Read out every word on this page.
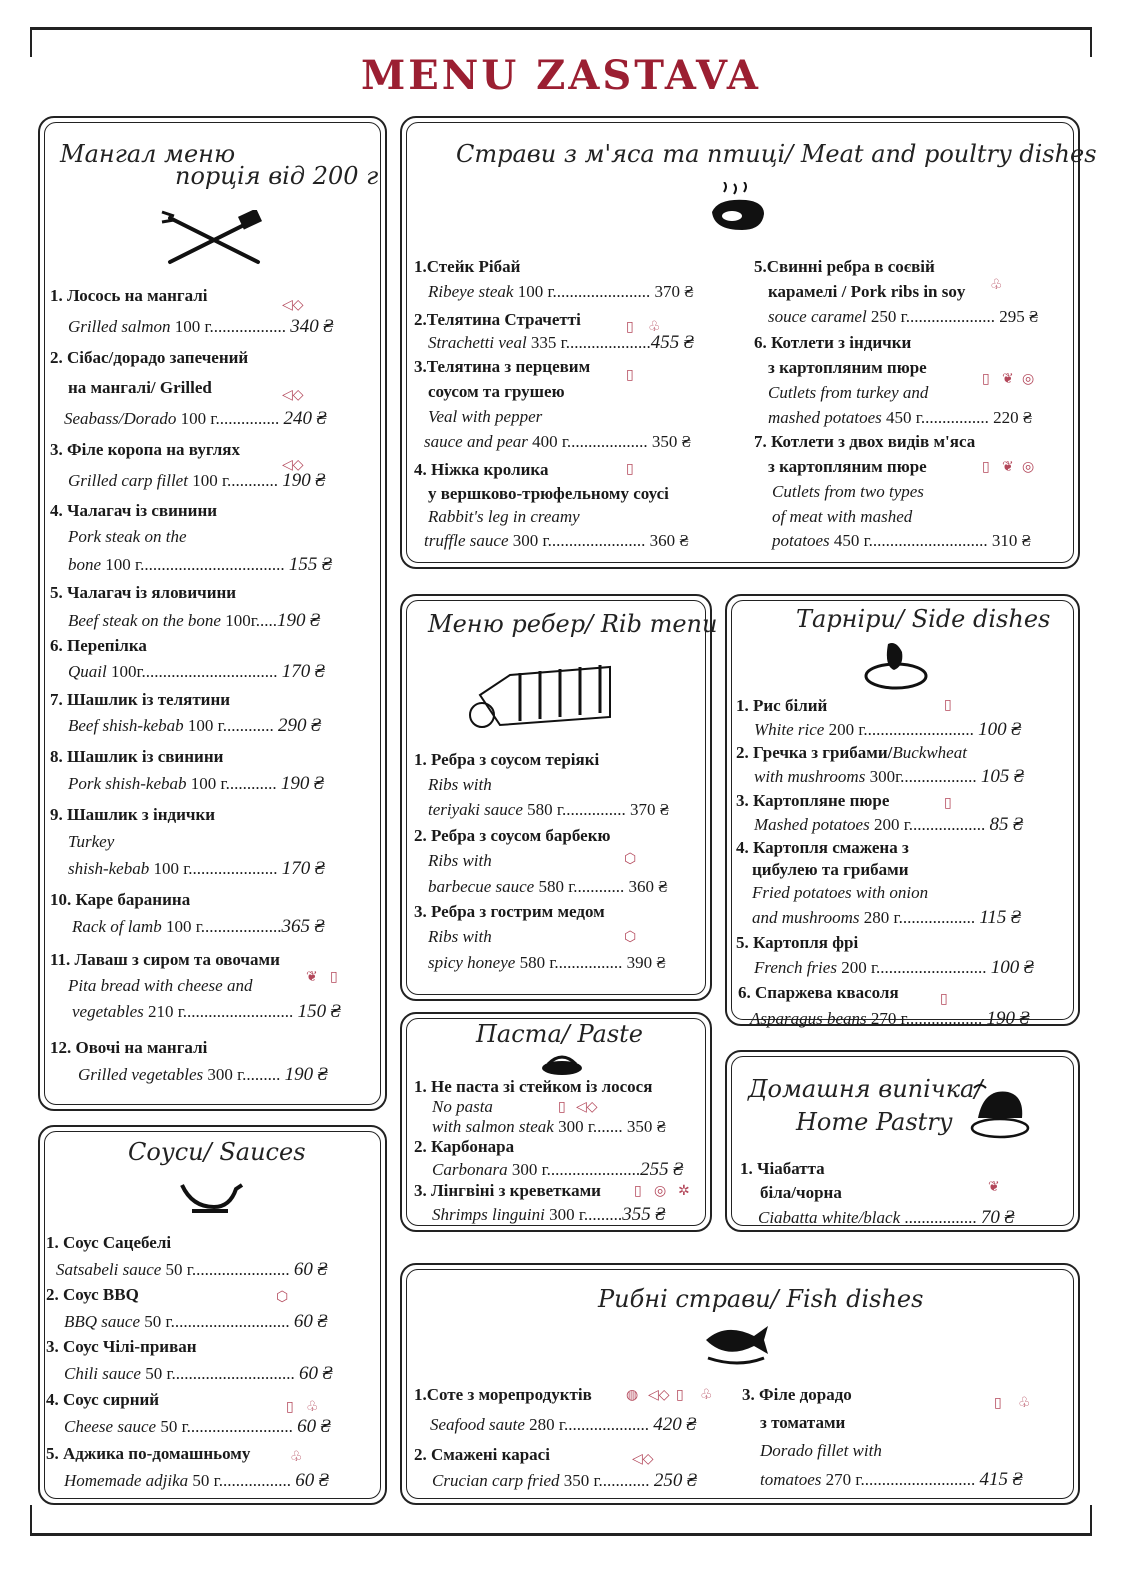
MENU ZASTAVA
Мангал меню
порція від 200 г
1. Лосось на мангалі
Grilled salmon 100 г.................. 340 ₴
2. Сібас/дорадо запечений
на мангалі/ Grilled
Seabass/Dorado 100 г............... 240 ₴
3. Філе коропа на вуглях
Grilled carp fillet 100 г............ 190 ₴
4. Чалагач із свинини
Pork steak on the
bone 100 г.................................. 155 ₴
5. Чалагач із яловичини
Beef steak on the bone 100г.....190 ₴
6. Перепілка
Quail 100г................................ 170 ₴
7. Шашлик із телятини
Beef shish-kebab 100 г............ 290 ₴
8. Шашлик із свинини
Pork shish-kebab 100 г............ 190 ₴
9. Шашлик з індички
Turkey
shish-kebab 100 г..................... 170 ₴
10. Каре баранина
Rack of lamb 100 г...................365 ₴
11. Лаваш з сиром та овочами
Pita bread with cheese and
vegetables 210 г.......................... 150 ₴
12. Овочі на мангалі
Grilled vegetables 300 г......... 190 ₴
Страви з м'яса та птиці/ Meat and poultry dishes
1.Стейк Рібай
Ribeye steak 100 г....................... 370 ₴
2.Телятина Страчетті
Strachetti veal 335 г....................455 ₴
3.Телятина з перцевим
соусом та грушею
Veal with pepper
sauce and pear 400 г................... 350 ₴
4. Ніжка кролика
у вершково-трюфельному соусі
Rabbit's leg in creamy
truffle sauce 300 г....................... 360 ₴
5.Свинні ребра в соєвій
карамелі / Pork ribs in soy
souce caramel 250 г..................... 295 ₴
6. Котлети з індички
з картопляним пюре
Cutlets from turkey and
mashed potatoes 450 г................ 220 ₴
7. Котлети з двох видів м'яса
з картопляним пюре
Cutlets from two types
of meat with mashed
potatoes 450 г............................ 310 ₴
Меню ребер/ Rib menu
1. Ребра з соусом теріякі
Ribs with
teriyaki sauce 580 г............... 370 ₴
2. Ребра з соусом барбекю
Ribs with
barbecue sauce 580 г............ 360 ₴
3. Ребра з гострим медом
Ribs with
spicy honeye 580 г................ 390 ₴
Тарніри/ Side dishes
1. Рис білий
White rice 200 г.......................... 100 ₴
2. Гречка з грибами/Buckwheat
with mushrooms 300г.................. 105 ₴
3. Картопляне пюре
Mashed potatoes 200 г.................. 85 ₴
4. Картопля смажена з
цибулею та грибами
Fried potatoes with onion
and mushrooms 280 г.................. 115 ₴
5. Картопля фрі
French fries 200 г.......................... 100 ₴
6. Спаржева квасоля
Asparagus beans 270 г.................. 190 ₴
Паста/ Paste
1. Не паста зі стейком із лосося
No pasta
with salmon steak 300 г....... 350 ₴
2. Карбонара
Carbonara 300 г......................255 ₴
3. Лінгвіні з креветками
Shrimps linguini 300 г.........355 ₴
Домашня випічка/
Home Pastry
1. Чіабатта
біла/чорна
Ciabatta white/black ................. 70 ₴
Соуси/ Sauces
1. Соус Сацебелі
Satsabeli sauce 50 г....................... 60 ₴
2. Соус BBQ
BBQ sauce 50 г............................ 60 ₴
3. Соус Чілі-приван
Chili sauce 50 г............................. 60 ₴
4. Соус сирний
Cheese sauce 50 г......................... 60 ₴
5. Аджика по-домашньому
Homemade adjika 50 г................. 60 ₴
Рибні страви/ Fish dishes
1.Соте з морепродуктів
Seafood saute 280 г.................... 420 ₴
2. Смажені карасі
Crucian carp fried 350 г............ 250 ₴
3. Філе дорадо
з томатами
Dorado fillet with
tomatoes 270 г........................... 415 ₴
◁◇
◁◇
◁◇
▯ ♧
▯
▯
♧
▯ ❦ ◎
▯ ❦ ◎
❦ ▯
⬡
⬡
▯
▯
▯
▯ ◁◇
▯ ◎ ✲	❦
⬡
▯ ♧
♧
◍ ◁◇ ▯ ♧
◁◇
▯ ♧
